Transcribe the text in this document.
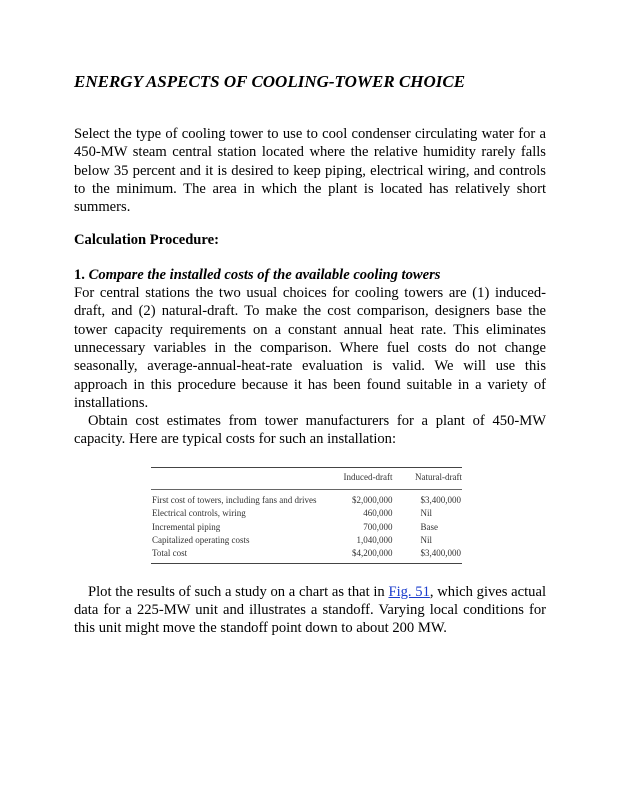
ENERGY ASPECTS OF COOLING-TOWER CHOICE

Select the type of cooling tower to use to cool condenser circulating water for a 450-MW steam central station located where the relative humidity rarely falls below 35 percent and it is desired to keep piping, electrical wiring, and controls to the minimum. The area in which the plant is located has relatively short summers.

Calculation Procedure:

1. Compare the installed costs of the available cooling towers

For central stations the two usual choices for cooling towers are (1) induced-draft, and (2) natural-draft. To make the cost comparison, designers base the tower capacity requirements on a constant annual heat rate. This eliminates unnecessary variables in the comparison. Where fuel costs do not change seasonally, average-annual-heat-rate evaluation is valid. We will use this approach in this procedure because it has been found suitable in a variety of installations.

Obtain cost estimates from tower manufacturers for a plant of 450-MW capacity. Here are typical costs for such an installation:

	Induced-draft	Natural-draft
First cost of towers, including fans and drives	$2,000,000	$3,400,000
Electrical controls, wiring	460,000	Nil
Incremental piping	700,000	Base
Capitalized operating costs	1,040,000	Nil
Total cost	$4,200,000	$3,400,000

Plot the results of such a study on a chart as that in Fig. 51, which gives actual data for a 225-MW unit and illustrates a standoff. Varying local conditions for this unit might move the standoff point down to about 200 MW.
